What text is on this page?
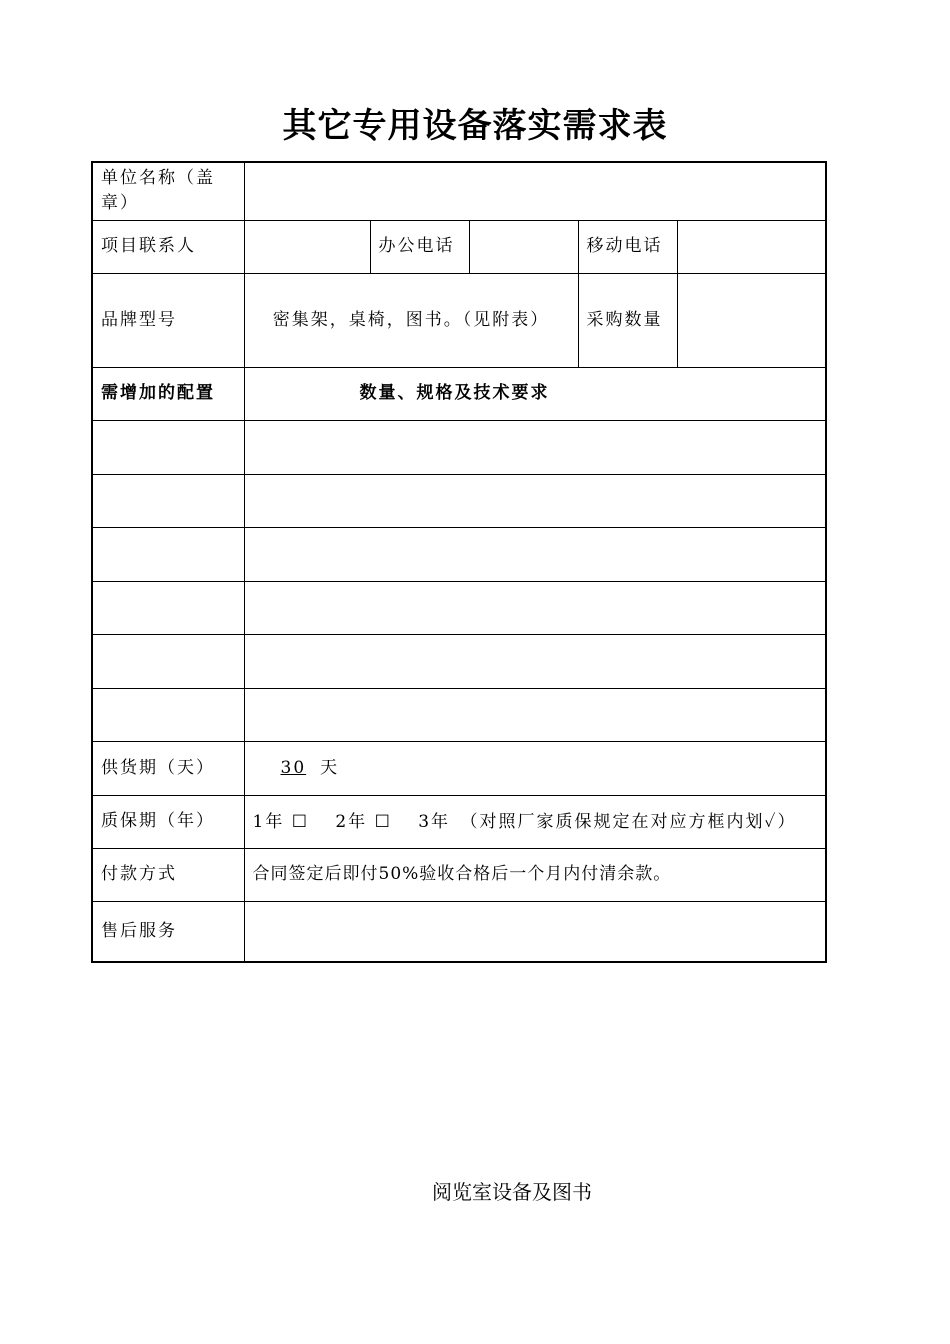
其它专用设备落实需求表
单位名称（盖章）					
项目联系人		办公电话		移动电话	
品牌型号	密集架，桌椅，图书。（见附表）			采购数量	
需增加的配置	数量、规格及技术要求				

供货期（天）	30 天				
质保期（年）	1年 ☐　 2年 ☐　 3年　（对照厂家质保规定在对应方框内划✓）				
付款方式	合同签定后即付50%验收合格后一个月内付清余款。				
售后服务					
阅览室设备及图书
